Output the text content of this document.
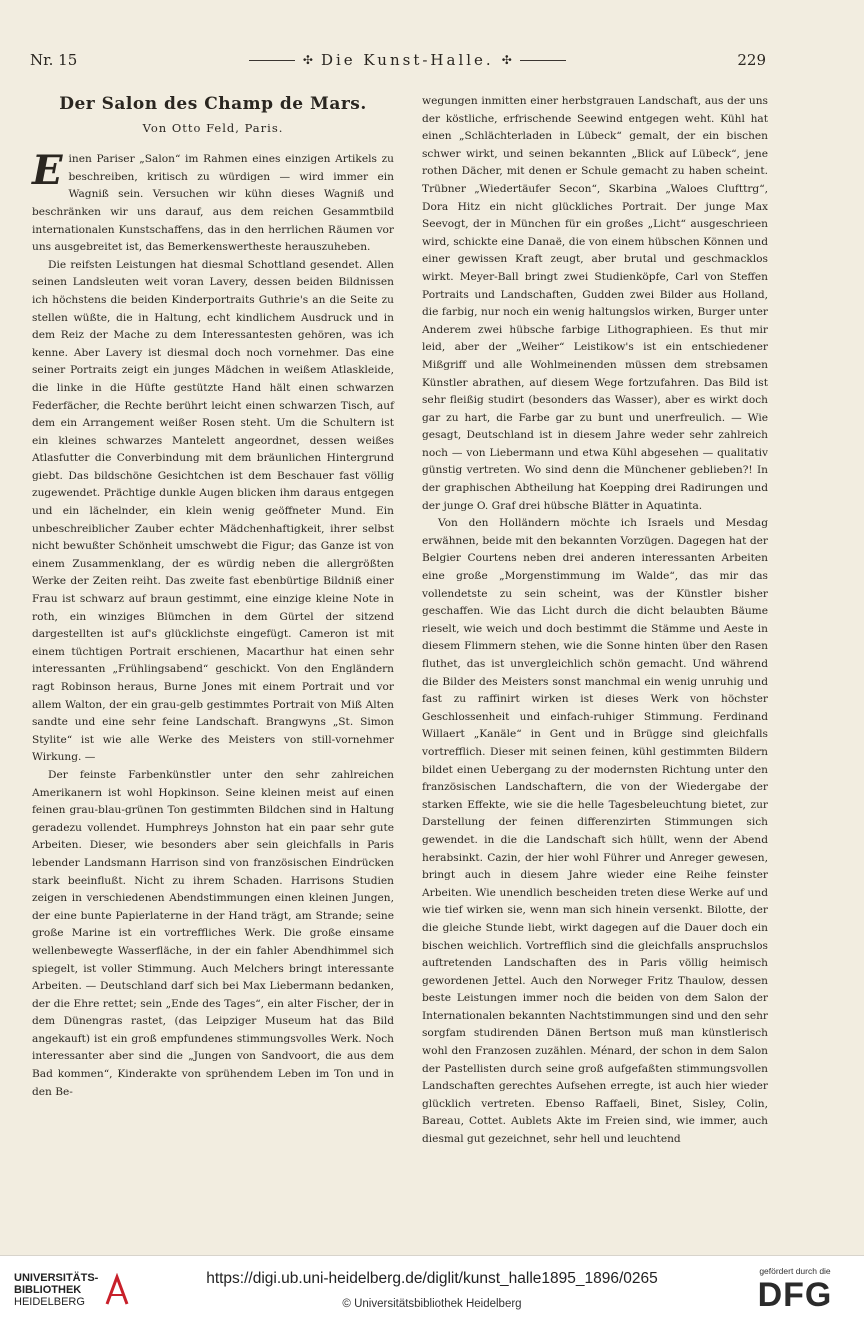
Nr. 15	✣ Die Kunst-Halle. ✣	229
Der Salon des Champ de Mars.
Von Otto Feld, Paris.

Einen Pariser „Salon“ im Rahmen eines einzigen Artikels zu beschreiben, kritisch zu würdigen — wird immer ein Wagniß sein. Versuchen wir kühn dieses Wagniß und beschränken wir uns darauf, aus dem reichen Gesammtbild internationalen Kunstschaffens, das in den herrlichen Räumen vor uns ausgebreitet ist, das Bemerkenswertheste herauszuheben.

Die reifsten Leistungen hat diesmal Schottland gesendet. Allen seinen Landsleuten weit voran Lavery, dessen beiden Bildnissen ich höchstens die beiden Kinderportraits Guthrie's an die Seite zu stellen wüßte, die in Haltung, echt kindlichem Ausdruck und in dem Reiz der Mache zu dem Interessantesten gehören, was ich kenne. Aber Lavery ist diesmal doch noch vornehmer. Das eine seiner Portraits zeigt ein junges Mädchen in weißem Atlaskleide, die linke in die Hüfte gestützte Hand hält einen schwarzen Federfächer, die Rechte berührt leicht einen schwarzen Tisch, auf dem ein Arrangement weißer Rosen steht. Um die Schultern ist ein kleines schwarzes Mantelett angeordnet, dessen weißes Atlasfutter die Converbindung mit dem bräunlichen Hintergrund giebt. Das bildschöne Gesichtchen ist dem Beschauer fast völlig zugewendet. Prächtige dunkle Augen blicken ihm daraus entgegen und ein lächelnder, ein klein wenig geöffneter Mund. Ein unbeschreiblicher Zauber echter Mädchenhaftigkeit, ihrer selbst nicht bewußter Schönheit umschwebt die Figur; das Ganze ist von einem Zusammenklang, der es würdig neben die allergrößten Werke der Zeiten reiht. Das zweite fast ebenbürtige Bildniß einer Frau ist schwarz auf braun gestimmt, eine einzige kleine Note in roth, ein winziges Blümchen in dem Gürtel der sitzend dargestellten ist auf's glücklichste eingefügt. Cameron ist mit einem tüchtigen Portrait erschienen, Macarthur hat einen sehr interessanten „Frühlingsabend“ geschickt. Von den Engländern ragt Robinson heraus, Burne Jones mit einem Portrait und vor allem Walton, der ein grau-gelb gestimmtes Portrait von Miß Alten sandte und eine sehr feine Landschaft. Brangwyns „St. Simon Stylite“ ist wie alle Werke des Meisters von still-vornehmer Wirkung. —

Der feinste Farbenkünstler unter den sehr zahlreichen Amerikanern ist wohl Hopkinson. Seine kleinen meist auf einen feinen grau-blau-grünen Ton gestimmten Bildchen sind in Haltung geradezu vollendet. Humphreys Johnston hat ein paar sehr gute Arbeiten. Dieser, wie besonders aber sein gleichfalls in Paris lebender Landsmann Harrison sind von französischen Eindrücken stark beeinflußt. Nicht zu ihrem Schaden. Harrisons Studien zeigen in verschiedenen Abendstimmungen einen kleinen Jungen, der eine bunte Papierlaterne in der Hand trägt, am Strande; seine große Marine ist ein vortreffliches Werk. Die große einsame wellenbewegte Wasserfläche, in der ein fahler Abendhimmel sich spiegelt, ist voller Stimmung. Auch Melchers bringt interessante Arbeiten. — Deutschland darf sich bei Max Liebermann bedanken, der die Ehre rettet; sein „Ende des Tages“, ein alter Fischer, der in dem Dünengras rastet, (das Leipziger Museum hat das Bild angekauft) ist ein groß empfundenes stimmungsvolles Werk. Noch interessanter aber sind die „Jungen von Sandvoort, die aus dem Bad kommen“, Kinderakte von sprühendem Leben im Ton und in den Be-

wegungen inmitten einer herbstgrauen Landschaft, aus der uns der köstliche, erfrischende Seewind entgegen weht. Kühl hat einen „Schlächterladen in Lübeck“ gemalt, der ein bischen schwer wirkt, und seinen bekannten „Blick auf Lübeck“, jene rothen Dächer, mit denen er Schule gemacht zu haben scheint. Trübner „Wiedertäufer Secon“, Skarbina „Waloes Clufttrg“, Dora Hitz ein nicht glückliches Portrait. Der junge Max Seevogt, der in München für ein großes „Licht“ ausgeschrieen wird, schickte eine Danaë, die von einem hübschen Können und einer gewissen Kraft zeugt, aber brutal und geschmacklos wirkt. Meyer-Ball bringt zwei Studienköpfe, Carl von Steffen Portraits und Landschaften, Gudden zwei Bilder aus Holland, die farbig, nur noch ein wenig haltungslos wirken, Burger unter Anderem zwei hübsche farbige Lithographieen. Es thut mir leid, aber der „Weiher“ Leistikow's ist ein entschiedener Mißgriff und alle Wohlmeinenden müssen dem strebsamen Künstler abrathen, auf diesem Wege fortzufahren. Das Bild ist sehr fleißig studirt (besonders das Wasser), aber es wirkt doch gar zu hart, die Farbe gar zu bunt und unerfreulich. — Wie gesagt, Deutschland ist in diesem Jahre weder sehr zahlreich noch — von Liebermann und etwa Kühl abgesehen — qualitativ günstig vertreten. Wo sind denn die Münchener geblieben?! In der graphischen Abtheilung hat Koepping drei Radirungen und der junge O. Graf drei hübsche Blätter in Aquatinta.

Von den Holländern möchte ich Israels und Mesdag erwähnen, beide mit den bekannten Vorzügen. Dagegen hat der Belgier Courtens neben drei anderen interessanten Arbeiten eine große „Morgenstimmung im Walde“, das mir das vollendetste zu sein scheint, was der Künstler bisher geschaffen. Wie das Licht durch die dicht belaubten Bäume rieselt, wie weich und doch bestimmt die Stämme und Aeste in diesem Flimmern stehen, wie die Sonne hinten über den Rasen fluthet, das ist unvergleichlich schön gemacht. Und während die Bilder des Meisters sonst manchmal ein wenig unruhig und fast zu raffinirt wirken ist dieses Werk von höchster Geschlossenheit und einfach-ruhiger Stimmung. Ferdinand Willaert „Kanäle“ in Gent und in Brügge sind gleichfalls vortrefflich. Dieser mit seinen feinen, kühl gestimmten Bildern bildet einen Uebergang zu der modernsten Richtung unter den französischen Landschaftern, die von der Wiedergabe der starken Effekte, wie sie die helle Tagesbeleuchtung bietet, zur Darstellung der feinen differenzirten Stimmungen sich gewendet. in die die Landschaft sich hüllt, wenn der Abend herabsinkt. Cazin, der hier wohl Führer und Anreger gewesen, bringt auch in diesem Jahre wieder eine Reihe feinster Arbeiten. Wie unendlich bescheiden treten diese Werke auf und wie tief wirken sie, wenn man sich hinein versenkt. Bilotte, der die gleiche Stunde liebt, wirkt dagegen auf die Dauer doch ein bischen weichlich. Vortrefflich sind die gleichfalls anspruchslos auftretenden Landschaften des in Paris völlig heimisch gewordenen Jettel. Auch den Norweger Fritz Thaulow, dessen beste Leistungen immer noch die beiden von dem Salon der Internationalen bekannten Nachtstimmungen sind und den sehr sorgfam studirenden Dänen Bertson muß man künstlerisch wohl den Franzosen zuzählen. Ménard, der schon in dem Salon der Pastellisten durch seine groß aufgefaßten stimmungsvollen Landschaften gerechtes Aufsehen erregte, ist auch hier wieder glücklich vertreten. Ebenso Raffaeli, Binet, Sisley, Colin, Bareau, Cottet. Aublets Akte im Freien sind, wie immer, auch diesmal gut gezeichnet, sehr hell und leuchtend

UNIVERSITÄTS-
BIBLIOTHEK
HEIDELBERG
https://digi.ub.uni-heidelberg.de/diglit/kunst_halle1895_1896/0265
© Universitätsbibliothek Heidelberg
gefördert durch die
DFG
